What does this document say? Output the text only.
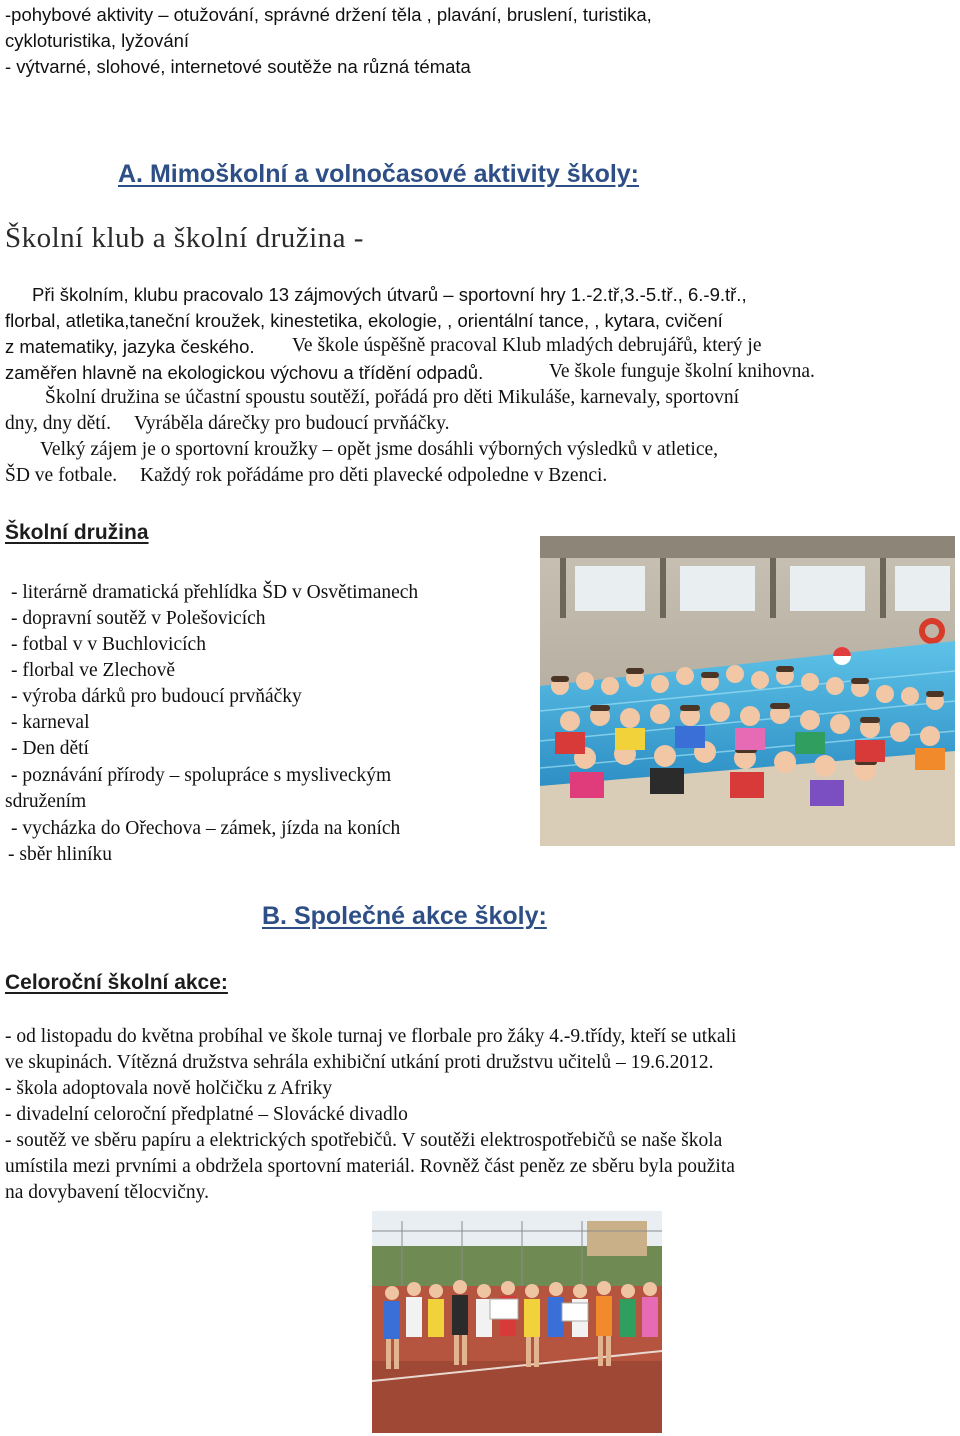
-pohybové aktivity – otužování, správné držení těla , plavání, bruslení, turistika,
cykloturistika, lyžování
- výtvarné, slohové, internetové soutěže na různá témata
A. Mimoškolní a volnočasové aktivity školy:
Školní klub a školní družina -
Při školním, klubu pracovalo 13 zájmových útvarů – sportovní hry 1.-2.tř,3.-5.tř., 6.-9.tř.,
florbal, atletika,taneční kroužek, kinestetika, ekologie, , orientální tance, , kytara, cvičení
z matematiky, jazyka českého. Ve škole úspěšně pracoval Klub mladých debrujářů, který je
zaměřen hlavně na ekologickou výchovu a třídění odpadů.	Ve škole funguje školní knihovna.
Školní družina se účastní spoustu soutěží, pořádá pro děti Mikuláše, karnevaly, sportovní
dny, dny dětí. Vyráběla dárečky pro budoucí prvňáčky.
Velký zájem je o sportovní kroužky – opět jsme dosáhli výborných výsledků v atletice,
ŠD ve fotbale. Každý rok pořádáme pro děti plavecké odpoledne v Bzenci.
Školní družina
- literárně dramatická přehlídka ŠD v Osvětimanech
- dopravní soutěž v Polešovicích
- fotbal v v Buchlovicích
- florbal ve Zlechově
- výroba dárků pro budoucí prvňáčky
- karneval
- Den dětí
- poznávání přírody – spolupráce s mysliveckým
sdružením
- vycházka do Ořechova – zámek, jízda na koních
- sběr hliníku
B. Společné akce školy:
Celoroční školní akce:
- od listopadu do května probíhal ve škole turnaj ve florbale pro žáky 4.-9.třídy, kteří se utkali
ve skupinách. Vítězná družstva sehrála exhibiční utkání proti družstvu učitelů – 19.6.2012.
- škola adoptovala nově holčičku z Afriky
- divadelní celoroční předplatné – Slovácké divadlo
- soutěž ve sběru papíru a elektrických spotřebičů. V soutěži elektrospotřebičů se naše škola
umístila mezi prvními a obdržela sportovní materiál. Rovněž část peněz ze sběru byla použita
na dovybavení tělocvičny.
